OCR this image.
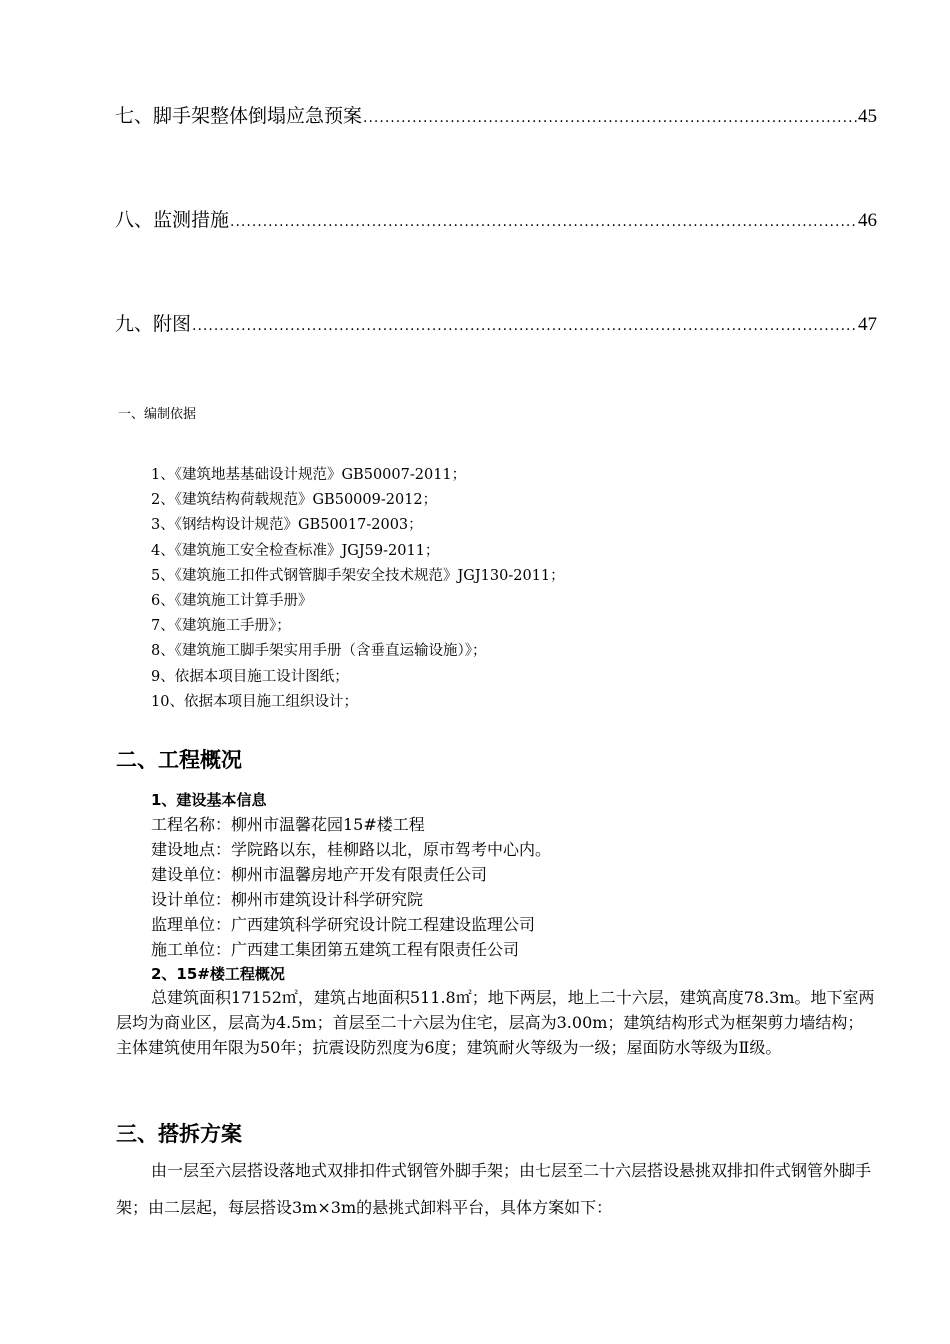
七、脚手架整体倒塌应急预案 .....	45
八、监测措施 .....	46
九、附图 .....	47
一、编制依据
1、《建筑地基基础设计规范》GB50007-2011；
2、《建筑结构荷载规范》GB50009-2012；
3、《钢结构设计规范》GB50017-2003；
4、《建筑施工安全检查标准》JGJ59-2011；
5、《建筑施工扣件式钢管脚手架安全技术规范》JGJ130-2011；
6、《建筑施工计算手册》
7、《建筑施工手册》；
8、《建筑施工脚手架实用手册（含垂直运输设施）》；
9、依据本项目施工设计图纸；
10、依据本项目施工组织设计；
二、工程概况
1、建设基本信息
工程名称：柳州市温馨花园15#楼工程
建设地点：学院路以东，桂柳路以北，原市驾考中心内。
建设单位：柳州市温馨房地产开发有限责任公司
设计单位：柳州市建筑设计科学研究院
监理单位：广西建筑科学研究设计院工程建设监理公司
施工单位：广西建工集团第五建筑工程有限责任公司
2、15#楼工程概况

总建筑面积17152㎡，建筑占地面积511.8㎡；地下两层，地上二十六层，建筑高度78.3m。地下室两层均为商业区，层高为4.5m；首层至二十六层为住宅，层高为3.00m；建筑结构形式为框架剪力墙结构；主体建筑使用年限为50年；抗震设防烈度为6度；建筑耐火等级为一级；屋面防水等级为Ⅱ级。

三、搭拆方案

由一层至六层搭设落地式双排扣件式钢管外脚手架；由七层至二十六层搭设悬挑双排扣件式钢管外脚手架；由二层起，每层搭设3m×3m的悬挑式卸料平台，具体方案如下：
